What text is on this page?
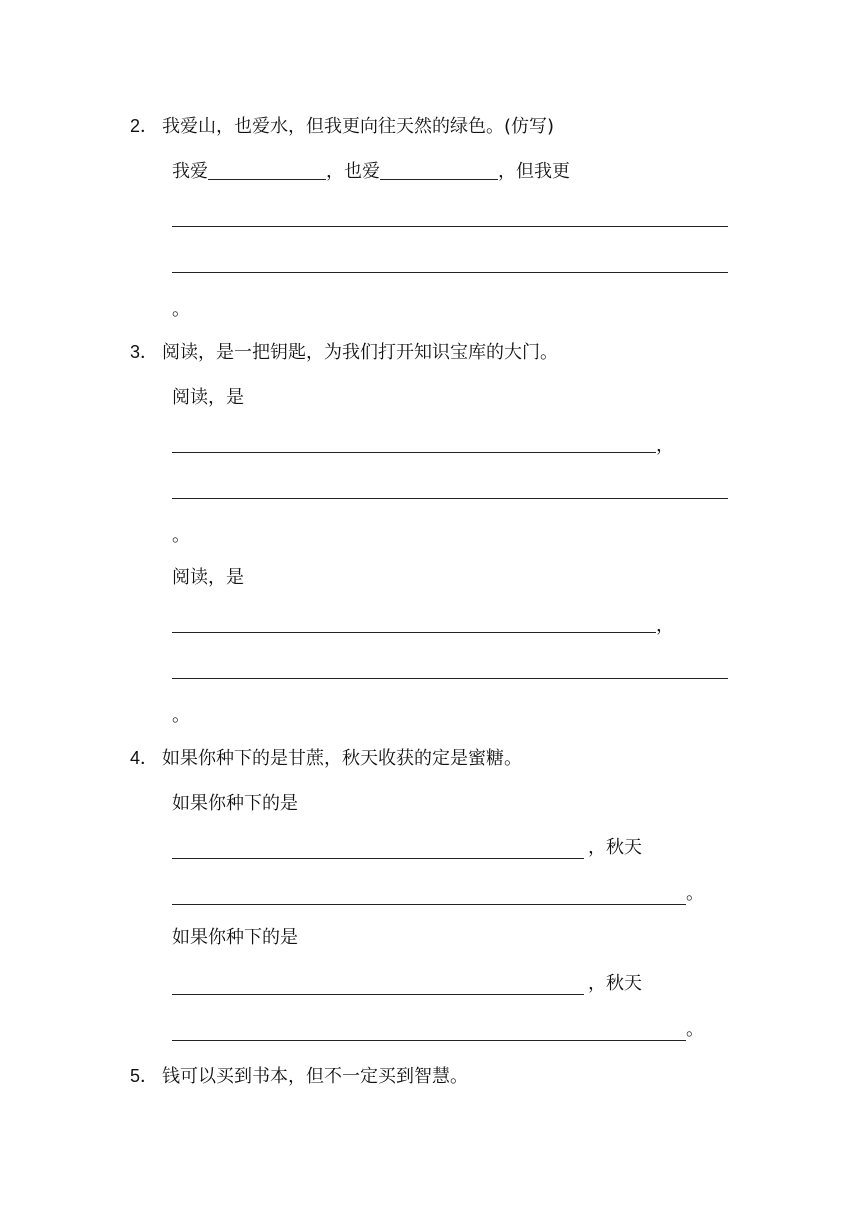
2． 我爱山，也爱水，但我更向往天然的绿色。(仿写)
我爱	，也爱	，但我更
。
3． 阅读，是一把钥匙，为我们打开知识宝库的大门。
阅读，是
，
。
阅读，是
，
。
4． 如果你种下的是甘蔗，秋天收获的定是蜜糖。
如果你种下的是
，秋天
。
如果你种下的是
，秋天
。
5． 钱可以买到书本，但不一定买到智慧。
